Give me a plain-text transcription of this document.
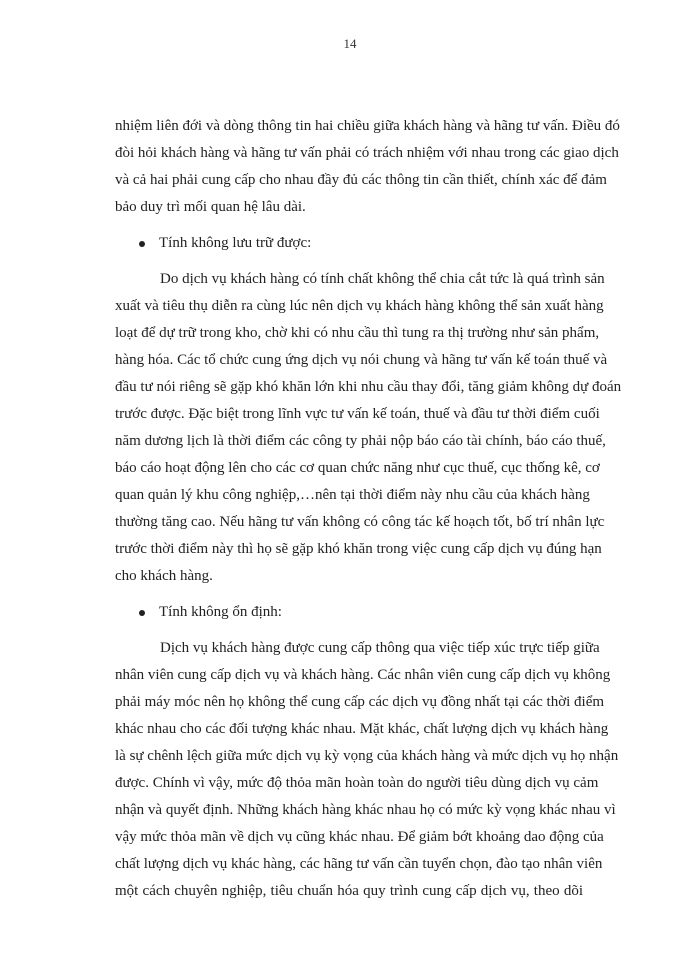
14
nhiệm liên đới và dòng thông tin hai chiều giữa khách hàng và hãng tư vấn. Điều đó
đòi hỏi khách hàng và hãng tư vấn phải có trách nhiệm với nhau trong các giao dịch
và cả hai phải cung cấp cho nhau đầy đủ các thông tin cần thiết, chính xác để đảm
bảo duy trì mối quan hệ lâu dài.
Tính không lưu trữ được:
Do dịch vụ khách hàng có tính chất không thể chia cắt tức là quá trình sản
xuất và tiêu thụ diễn ra cùng lúc nên dịch vụ khách hàng không thể sản xuất hàng
loạt để dự trữ trong kho, chờ khi có nhu cầu thì tung ra thị trường như sản phẩm,
hàng hóa. Các tổ chức cung ứng dịch vụ nói chung và hãng tư vấn kế toán thuế và
đầu tư nói riêng sẽ gặp khó khăn lớn khi nhu cầu thay đổi, tăng giảm không dự đoán
trước được. Đặc biệt trong lĩnh vực tư vấn kế toán, thuế và đầu tư thời điểm cuối
năm dương lịch là thời điểm các công ty phải nộp báo cáo tài chính, báo cáo thuế,
báo cáo hoạt động lên cho các cơ quan chức năng như cục thuế, cục thống kê, cơ
quan quản lý khu công nghiệp,…nên tại thời điểm này nhu cầu của khách hàng
thường tăng cao. Nếu hãng tư vấn không có công tác kế hoạch tốt, bố trí nhân lực
trước thời điểm này thì họ sẽ gặp khó khăn trong việc cung cấp dịch vụ đúng hạn
cho khách hàng.
Tính không ổn định:
Dịch vụ khách hàng được cung cấp thông qua việc tiếp xúc trực tiếp giữa
nhân viên cung cấp dịch vụ và khách hàng. Các nhân viên cung cấp dịch vụ không
phải máy móc nên họ không thể cung cấp các dịch vụ đồng nhất tại các thời điểm
khác nhau cho các đối tượng khác nhau. Mặt khác, chất lượng dịch vụ khách hàng
là sự chênh lệch giữa mức dịch vụ kỳ vọng của khách hàng và mức dịch vụ họ nhận
được. Chính vì vậy, mức độ thỏa mãn hoàn toàn do người tiêu dùng dịch vụ cảm
nhận và quyết định. Những khách hàng khác nhau họ có mức kỳ vọng khác nhau vì
vậy mức thỏa mãn về dịch vụ cũng khác nhau. Để giảm bớt khoảng dao động của
chất lượng dịch vụ khác hàng, các hãng tư vấn cần tuyển chọn, đào tạo nhân viên
một cách chuyên nghiệp, tiêu chuẩn hóa quy trình cung cấp dịch vụ, theo dõi
